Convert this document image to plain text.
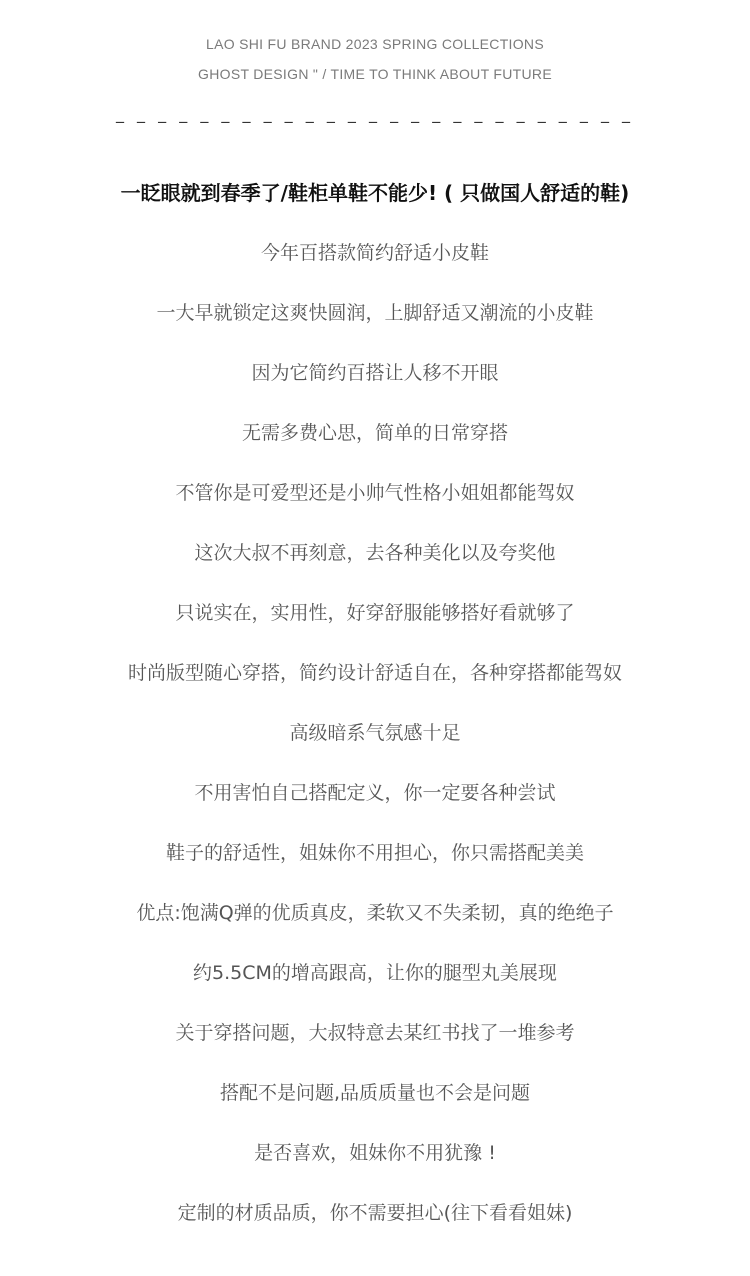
LAO SHI FU BRAND 2023 SPRING COLLECTIONS
GHOST DESIGN " / TIME TO THINK ABOUT FUTURE
_ _ _ _ _ _ _ _ _ _ _ _ _ _ _ _ _ _ _ _ _ _ _ _ _
一眨眼就到春季了/鞋柜单鞋不能少! ( 只做国人舒适的鞋)
今年百搭款简约舒适小皮鞋
一大早就锁定这爽快圆润，上脚舒适又潮流的小皮鞋
因为它简约百搭让人移不开眼
无需多费心思，简单的日常穿搭
不管你是可爱型还是小帅气性格小姐姐都能驾奴
这次大叔不再刻意，去各种美化以及夸奖他
只说实在，实用性，好穿舒服能够搭好看就够了
时尚版型随心穿搭，简约设计舒适自在，各种穿搭都能驾奴
高级暗系气氛感十足
不用害怕自己搭配定义，你一定要各种尝试
鞋子的舒适性，姐妹你不用担心，你只需搭配美美
优点:饱满Q弹的优质真皮，柔软又不失柔韧，真的绝绝子
约5.5CM的增高跟高，让你的腿型丸美展现
关于穿搭问题，大叔特意去某红书找了一堆参考
搭配不是问题,品质质量也不会是问题
是否喜欢，姐妹你不用犹豫 !
定制的材质品质，你不需要担心(往下看看姐妹)
